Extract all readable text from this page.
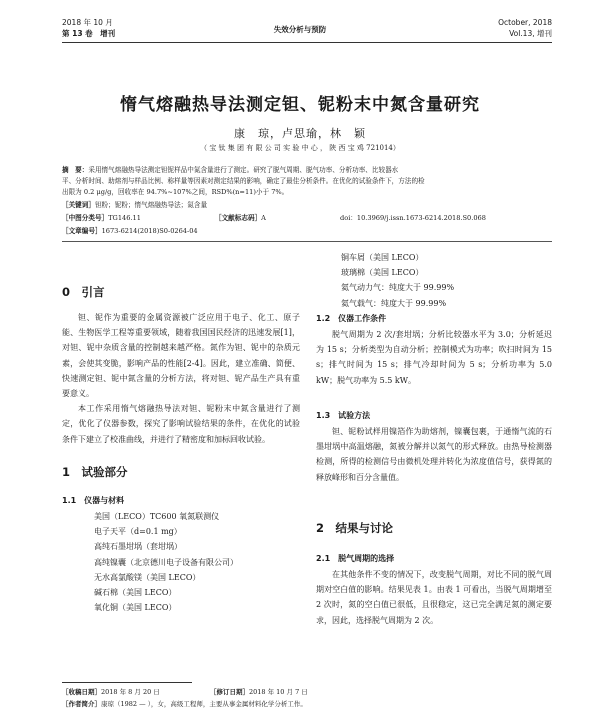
2018 年 10 月
第 13 卷　增刊	失效分析与预防
October, 2018
Vol.13, 增刊
惰气熔融热导法测定钽、铌粉末中氮含量研究
康　琼，卢思瑜，林　颖
（ 宝 钛 集 团 有 限 公 司 实 验 中 心 ， 陕 西 宝 鸡 721014）
摘　要：采用惰气熔融热导法测定钽铌样品中氮含量进行了测定。研究了脱气周期、脱气功率、分析功率、比较器水
平、分析时间、助熔剂与样品比例、称样量等因素对测定结果的影响，确定了最佳分析条件。在优化的试验条件下，方法的检
出限为 0.2 μg/g，回收率在 94.7%~107%之间，RSD%(n=11)小于 7%。
［关键词］钽粉；铌粉；惰气熔融热导法；氮含量
［中图分类号］TG146.11	［文献标志码］A	doi：10.3969/j.issn.1673-6214.2018.S0.068
［文章编号］1673-6214(2018)S0-0264-04
0　引言

钽、铌作为重要的金属资源被广泛应用于电子、化工、原子能、生物医学工程等重要领域，随着我国国民经济的迅速发展[1]，对钽、铌中杂质含量的控制越来越严格。氮作为钽、铌中的杂质元素，会使其变脆，影响产品的性能[2-4]。因此，建立准确、简便、快速测定钽、铌中氮含量的分析方法，将对钽、铌产品生产具有重要意义。

本工作采用惰气熔融热导法对钽、铌粉末中氮含量进行了测定，优化了仪器参数，探究了影响试验结果的条件，在优化的试验条件下建立了校准曲线，并进行了精密度和加标回收试验。

1　试验部分
1.1　仪器与材料
美国（LECO）TC600 氧氮联测仪
电子天平（d=0.1 mg）
高纯石墨坩埚（套坩埚）
高纯镍囊（北京德川电子设备有限公司）
无水高氯酸镁（美国 LECO）
碱石棉（美国 LECO）
氧化铜（美国 LECO）
铜车屑（美国 LECO）
玻璃棉（美国 LECO）
氦气动力气：纯度大于 99.99%
氦气载气：纯度大于 99.99%
1.2　仪器工作条件

脱气周期为 2 次/套坩埚；分析比较器水平为 3.0；分析延迟为 15 s；分析类型为自动分析；控制模式为功率；吹扫时间为 15 s；排气时间为 15 s；排气冷却时间为 5 s；分析功率为 5.0 kW；脱气功率为 5.5 kW。

1.3　试验方法

钽、铌粉试样用镍箔作为助熔剂，镍囊包裹，于通惰气流的石墨坩埚中高温熔融，氮被分解并以氮气的形式释放。由热导检测器检测，所得的检测信号由微机处理并转化为浓度值信号，获得氮的释放峰形和百分含量值。

2　结果与讨论
2.1　脱气周期的选择

在其他条件不变的情况下，改变脱气周期，对比不同的脱气周期对空白值的影响。结果见表 1。由表 1 可看出，当脱气周期增至 2 次时，氮的空白值已很低，且很稳定，这已完全满足氮的测定要求，因此，选择脱气周期为 2 次。

［收稿日期］2018 年 8 月 20 日	［修订日期］2018 年 10 月 7 日
［作者简介］康琼（1982 — ），女，高级工程师，主要从事金属材料化学分析工作。
